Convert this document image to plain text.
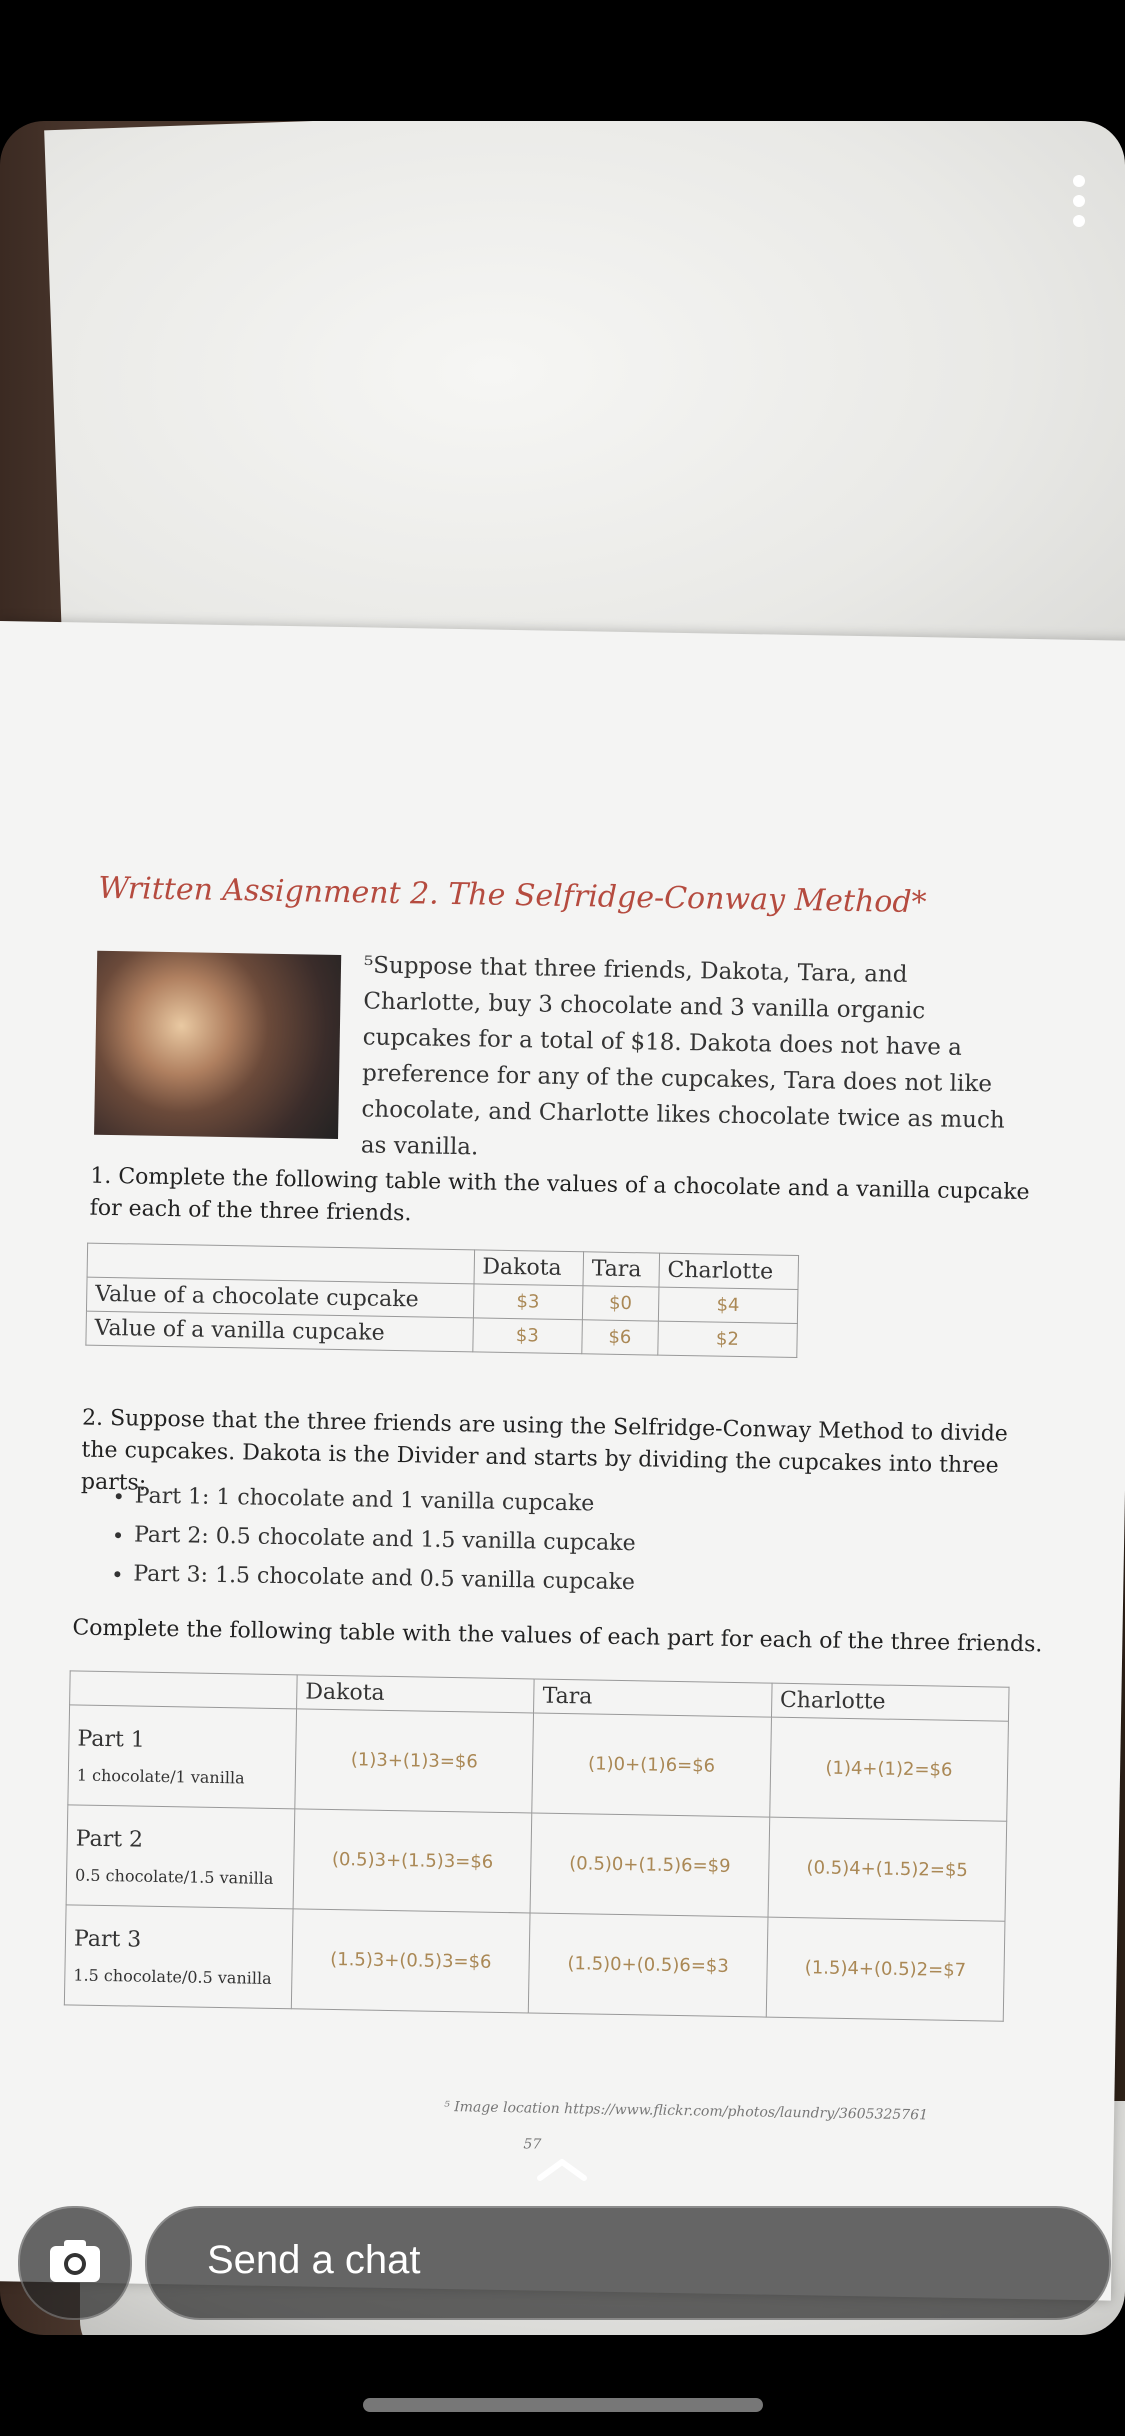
Written Assignment 2. The Selfridge-Conway Method*
⁵Suppose that three friends, Dakota, Tara, and Charlotte, buy 3 chocolate and 3 vanilla organic cupcakes for a total of $18. Dakota does not have a preference for any of the cupcakes, Tara does not like chocolate, and Charlotte likes chocolate twice as much as vanilla.
1. Complete the following table with the values of a chocolate and a vanilla cupcake for each of the three friends.
	Dakota	Tara	Charlotte
Value of a chocolate cupcake	$3	$0	$4
Value of a vanilla cupcake	$3	$6	$2
2. Suppose that the three friends are using the Selfridge-Conway Method to divide the cupcakes. Dakota is the Divider and starts by dividing the cupcakes into three parts:
• Part 1: 1 chocolate and 1 vanilla cupcake
• Part 2: 0.5 chocolate and 1.5 vanilla cupcake
• Part 3: 1.5 chocolate and 0.5 vanilla cupcake
Complete the following table with the values of each part for each of the three friends.
	Dakota	Tara	Charlotte

Part 1
1 chocolate/1 vanilla	(1)3+(1)3=$6	(1)0+(1)6=$6	(1)4+(1)2=$6

Part 2
0.5 chocolate/1.5 vanilla	(0.5)3+(1.5)3=$6	(0.5)0+(1.5)6=$9	(0.5)4+(1.5)2=$5

Part 3
1.5 chocolate/0.5 vanilla	(1.5)3+(0.5)3=$6	(1.5)0+(0.5)6=$3	(1.5)4+(0.5)2=$7
⁵ Image location https://www.flickr.com/photos/laundry/3605325761
57
Send a chat
